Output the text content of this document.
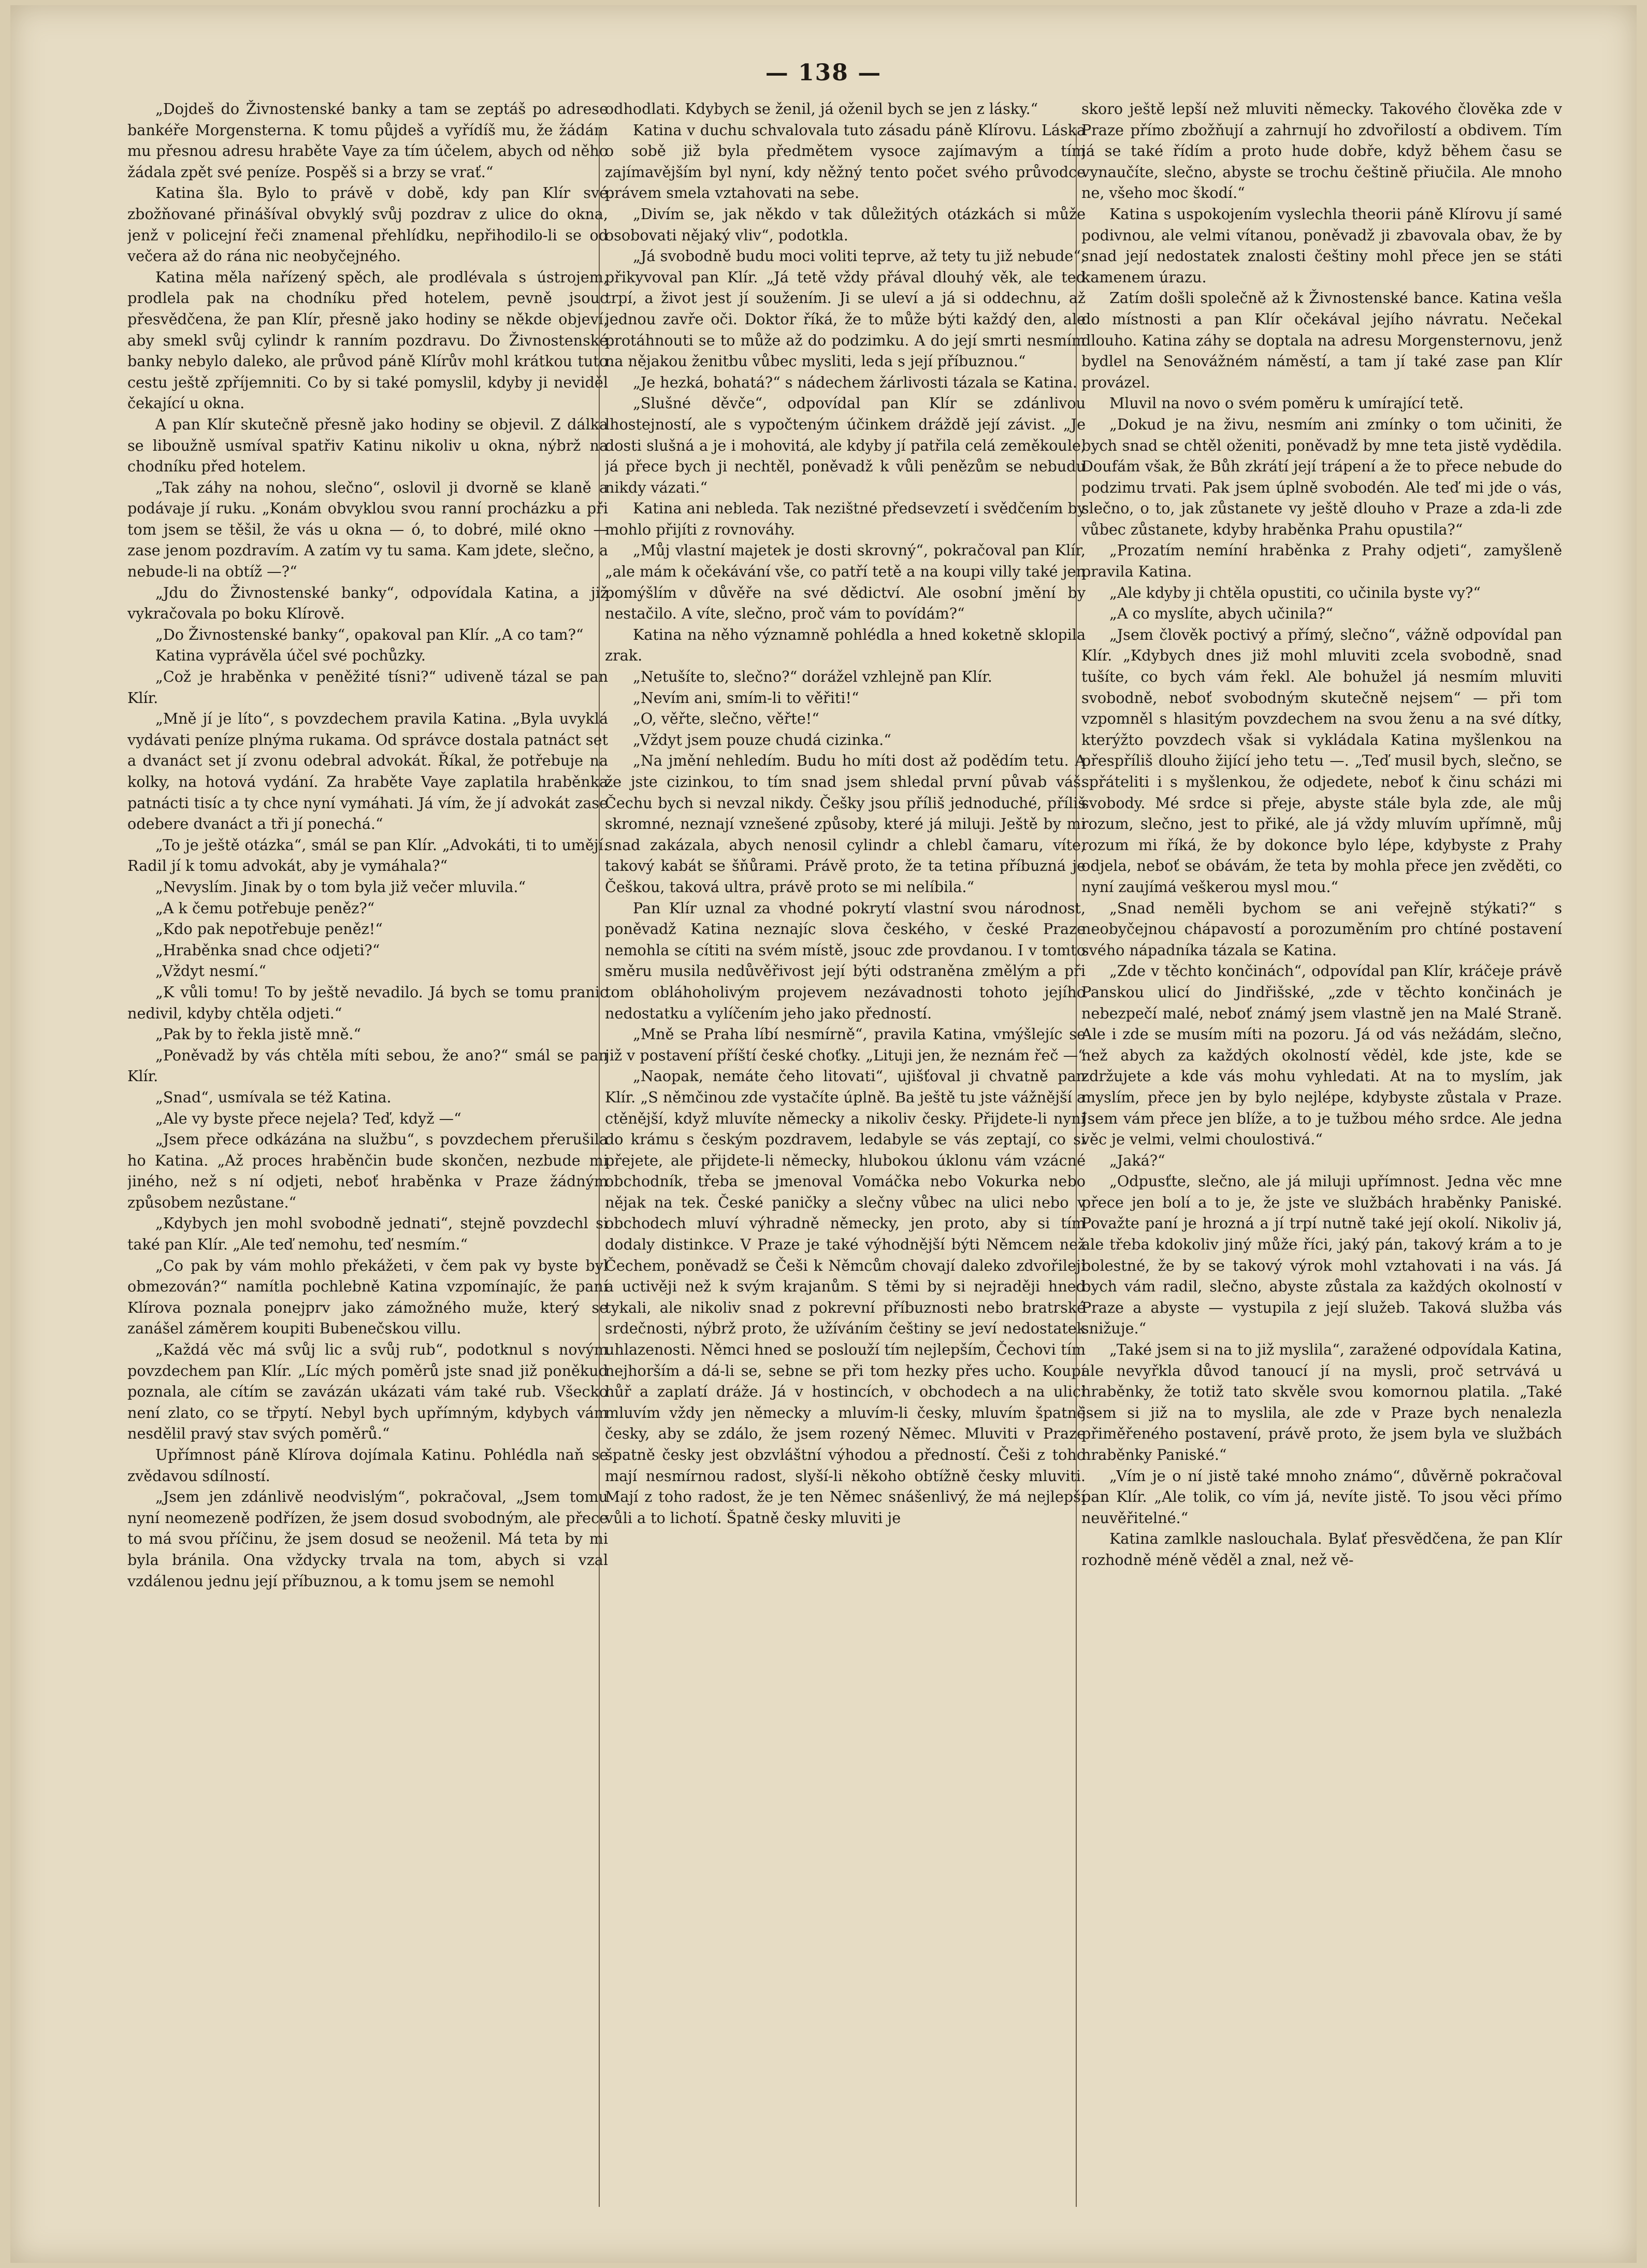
— 138 —

„Dojdeš do Živnostenské banky a tam se zeptáš po adrese bankéře Morgensterna. K tomu půjdeš a vyřídíš mu, že žádám mu přesnou adresu hraběte Vaye za tím účelem, abych od něho žádala zpět své peníze. Pospěš si a brzy se vrať.“

Katina šla. Bylo to právě v době, kdy pan Klír své zbožňované přinášíval obvyklý svůj pozdrav z ulice do okna, jenž v policejní řeči znamenal přehlídku, nepřihodilo-li se od večera až do rána nic neobyčejného.

Katina měla nařízený spěch, ale prodlévala s ústrojem, prodlela pak na chodníku před hotelem, pevně jsouc přesvědčena, že pan Klír, přesně jako hodiny se někde objeví, aby smekl svůj cylindr k ranním pozdravu. Do Živnostenské banky nebylo daleko, ale průvod páně Klírův mohl krátkou tuto cestu ještě zpříjemniti. Co by si také pomyslil, kdyby ji neviděl čekající u okna.

A pan Klír skutečně přesně jako hodiny se objevil. Z dálka se liboužně usmíval spatřiv Katinu nikoliv u okna, nýbrž na chodníku před hotelem.

„Tak záhy na nohou, slečno“, oslovil ji dvorně se klaně a podávaje jí ruku. „Konám obvyklou svou ranní procházku a při tom jsem se těšil, že vás u okna — ó, to dobré, milé okno — zase jenom pozdravím. A zatím vy tu sama. Kam jdete, slečno, a nebude-li na obtíž —?“

„Jdu do Živnostenské banky“, odpovídala Katina, a již vykračovala po boku Klírově.

„Do Živnostenské banky“, opakoval pan Klír. „A co tam?“

Katina vyprávěla účel své pochůzky.

„Což je hraběnka v peněžité tísni?“ udiveně tázal se pan Klír.

„Mně jí je líto“, s povzdechem pravila Katina. „Byla uvyklá vydávati peníze plnýma rukama. Od správce dostala patnáct set a dvanáct set jí zvonu odebral advokát. Říkal, že potřebuje na kolky, na hotová vydání. Za hraběte Vaye zaplatila hraběnka patnácti tisíc a ty chce nyní vymáhati. Já vím, že jí advokát zase odebere dvanáct a tři jí ponechá.“

„To je ještě otázka“, smál se pan Klír. „Advokáti, ti to umějí. Radil jí k tomu advokát, aby je vymáhala?“

„Nevyslím. Jinak by o tom byla již večer mluvila.“

„A k čemu potřebuje peněz?“

„Kdo pak nepotřebuje peněz!“

„Hraběnka snad chce odjeti?“

„Vždyt nesmí.“

„K vůli tomu! To by ještě nevadilo. Já bych se tomu pranic nedivil, kdyby chtěla odjeti.“

„Pak by to řekla jistě mně.“

„Poněvadž by vás chtěla míti sebou, že ano?“ smál se pan Klír.

„Snad“, usmívala se též Katina.

„Ale vy byste přece nejela? Teď, když —“

„Jsem přece odkázána na službu“, s povzdechem přerušila ho Katina. „Až proces hraběnčin bude skončen, nezbude mi jiného, než s ní odjeti, neboť hraběnka v Praze žádným způsobem nezůstane.“

„Kdybych jen mohl svobodně jednati“, stejně povzdechl si také pan Klír. „Ale teď nemohu, teď nesmím.“

„Co pak by vám mohlo překážeti, v čem pak vy byste byl obmezován?“ namítla pochlebně Katina vzpomínajíc, že paní Klírova poznala ponejprv jako zámožného muže, který se zanášel záměrem koupiti Bubenečskou villu.

„Každá věc má svůj lic a svůj rub“, podotknul s novým povzdechem pan Klír. „Líc mých poměrů jste snad již poněkud poznala, ale cítím se zavázán ukázati vám také rub. Všecko není zlato, co se třpytí. Nebyl bych upřímným, kdybych vám nesdělil pravý stav svých poměrů.“

Upřímnost páně Klírova dojímala Katinu. Pohlédla naň se zvědavou sdílností.

„Jsem jen zdánlivě neodvislým“, pokračoval, „Jsem tomu nyní neomezeně podřízen, že jsem dosud svobodným, ale přece to má svou příčinu, že jsem dosud se neoženil. Má teta by mi byla bránila. Ona vždycky trvala na tom, abych si vzal vzdálenou jednu její příbuznou, a k tomu jsem se nemohl

odhodlati. Kdybych se ženil, já oženil bych se jen z lásky.“

Katina v duchu schvalovala tuto zásadu páně Klírovu. Láska o sobě již byla předmětem vysoce zajímavým a tím zajímavějším byl nyní, kdy něžný tento počet svého průvodce právem smela vztahovati na sebe.

„Divím se, jak někdo v tak důležitých otázkách si může osobovati nějaký vliv“, podotkla.

„Já svobodně budu moci voliti teprve, až tety tu již nebude“, přikyvoval pan Klír. „Já tetě vždy přával dlouhý věk, ale teď trpí, a život jest jí soužením. Ji se uleví a já si oddechnu, až jednou zavře oči. Doktor říká, že to může býti každý den, ale protáhnouti se to může až do podzimku. A do její smrti nesmím na nějakou ženitbu vůbec mysliti, leda s její příbuznou.“

„Je hezká, bohatá?“ s nádechem žárlivosti tázala se Katina.

„Slušné děvče“, odpovídal pan Klír se zdánlivou lhostejností, ale s vypočteným účinkem dráždě její závist. „Je dosti slušná a je i mohovitá, ale kdyby jí patřila celá zeměkoule, já přece bych ji nechtěl, poněvadž k vůli penězům se nebudu nikdy vázati.“

Katina ani nebleda. Tak nezištné předsevzetí i svědčením by mohlo přijíti z rovnováhy.

„Můj vlastní majetek je dosti skrovný“, pokračoval pan Klír, „ale mám k očekávání vše, co patří tetě a na koupi villy také jen pomýšlím v důvěře na své dědictví. Ale osobní jmění by nestačilo. A víte, slečno, proč vám to povídám?“

Katina na něho významně pohlédla a hned koketně sklopila zrak.

„Netušíte to, slečno?“ dorážel vzhlejně pan Klír.

„Nevím ani, smím-li to věřiti!“

„O, věřte, slečno, věřte!“

„Vždyt jsem pouze chudá cizinka.“

„Na jmění nehledím. Budu ho míti dost až podědím tetu. A že jste cizinkou, to tím snad jsem shledal první půvab váš. Čechu bych si nevzal nikdy. Češky jsou příliš jednoduché, příliš skromné, neznají vznešené způsoby, které já miluji. Ještě by mi snad zakázala, abych nenosil cylindr a chlebl čamaru, víte, takový kabát se šňůrami. Právě proto, že ta tetina příbuzná je Češkou, taková ultra, právě proto se mi nelíbila.“

Pan Klír uznal za vhodné pokrytí vlastní svou národnost, poněvadž Katina neznajíc slova českého, v české Praze nemohla se cítiti na svém místě, jsouc zde provdanou. I v tomto směru musila nedůvěřivost její býti odstraněna změlým a při tom obláhoholivým projevem nezávadnosti tohoto jejího nedostatku a vylíčením jeho jako předností.

„Mně se Praha líbí nesmírně“, pravila Katina, vmýšlejíc se již v postavení příští české choťky. „Lituji jen, že neznám řeč —“

„Naopak, nemáte čeho litovati“, ujišťoval ji chvatně pan Klír. „S němčinou zde vystačíte úplně. Ba ještě tu jste vážnější a ctěnější, když mluvíte německy a nikoliv česky. Přijdete-li nyní do krámu s českým pozdravem, ledabyle se vás zeptají, co si přejete, ale přijdete-li německy, hlubokou úklonu vám vzácné obchodník, třeba se jmenoval Vomáčka nebo Vokurka nebo nějak na tek. České paničky a slečny vůbec na ulici nebo v obchodech mluví výhradně německy, jen proto, aby si tím dodaly distinkce. V Praze je také výhodnější býti Němcem než Čechem, poněvadž se Češi k Němcům chovají daleko zdvořileji a uctivěji než k svým krajanům. S těmi by si nejraději hned tykali, ale nikoliv snad z pokrevní příbuznosti nebo bratrské srdečnosti, nýbrž proto, že užíváním češtiny se jeví nedostatek uhlazenosti. Němci hned se poslouží tím nejlepším, Čechovi tím nejhorším a dá-li se, sebne se při tom hezky přes ucho. Koupí hůř a zaplatí dráže. Já v hostincích, v obchodech a na ulici mluvím vždy jen německy a mluvím-li česky, mluvím špatně česky, aby se zdálo, že jsem rozený Němec. Mluviti v Praze špatně česky jest obzvláštní výhodou a předností. Češi z toho mají nesmírnou radost, slyší-li někoho obtížně česky mluviti. Mají z toho radost, že je ten Němec snášenlivý, že má nejlepší vůli a to lichotí. Špatně česky mluviti je

skoro ještě lepší než mluviti německy. Takového člověka zde v Praze přímo zbožňují a zahrnují ho zdvořilostí a obdivem. Tím já se také řídím a proto hude dobře, když během času se vynaučíte, slečno, abyste se trochu češtině přiučila. Ale mnoho ne, všeho moc škodí.“

Katina s uspokojením vyslechla theorii páně Klírovu jí samé podivnou, ale velmi vítanou, poněvadž ji zbavovala obav, že by snad její nedostatek znalosti češtiny mohl přece jen se státi kamenem úrazu.

Zatím došli společně až k Živnostenské bance. Katina vešla do místnosti a pan Klír očekával jejího návratu. Nečekal dlouho. Katina záhy se doptala na adresu Morgensternovu, jenž bydlel na Senovážném náměstí, a tam jí také zase pan Klír provázel.

Mluvil na novo o svém poměru k umírající tetě.

„Dokud je na živu, nesmím ani zmínky o tom učiniti, že bych snad se chtěl oženiti, poněvadž by mne teta jistě vydědila. Doufám však, že Bůh zkrátí její trápení a že to přece nebude do podzimu trvati. Pak jsem úplně svobodén. Ale teď mi jde o vás, slečno, o to, jak zůstanete vy ještě dlouho v Praze a zda-li zde vůbec zůstanete, kdyby hraběnka Prahu opustila?“

„Prozatím nemíní hraběnka z Prahy odjeti“, zamyšleně pravila Katina.

„Ale kdyby ji chtěla opustiti, co učinila byste vy?“

„A co myslíte, abych učinila?“

„Jsem člověk poctivý a přímý, slečno“, vážně odpovídal pan Klír. „Kdybych dnes již mohl mluviti zcela svobodně, snad tušíte, co bych vám řekl. Ale bohužel já nesmím mluviti svobodně, neboť svobodným skutečně nejsem“ — při tom vzpomněl s hlasitým povzdechem na svou ženu a na své dítky, kterýžto povzdech však si vykládala Katina myšlenkou na přespříliš dlouho žijící jeho tetu —. „Teď musil bych, slečno, se spřáteliti i s myšlenkou, že odjedete, neboť k činu scházi mi svobody. Mé srdce si přeje, abyste stále byla zde, ale můj rozum, slečno, jest to přiké, ale já vždy mluvím upřímně, můj rozum mi říká, že by dokonce bylo lépe, kdybyste z Prahy odjela, neboť se obávám, že teta by mohla přece jen zvěděti, co nyní zaujímá veškerou mysl mou.“

„Snad neměli bychom se ani veřejně stýkati?“ s neobyčejnou chápavostí a porozuměním pro chtíné postavení svého nápadníka tázala se Katina.

„Zde v těchto končinách“, odpovídal pan Klír, kráčeje právě Panskou ulicí do Jindřišské, „zde v těchto končinách je nebezpečí malé, neboť známý jsem vlastně jen na Malé Straně. Ale i zde se musím míti na pozoru. Já od vás nežádám, slečno, než abych za každých okolností vědėl, kde jste, kde se zdržujete a kde vás mohu vyhledati. At na to myslím, jak myslím, přece jen by bylo nejlépe, kdybyste zůstala v Praze. Jsem vám přece jen blíže, a to je tužbou mého srdce. Ale jedna věc je velmi, velmi choulostivá.“

„Jaká?“

„Odpusťte, slečno, ale já miluji upřímnost. Jedna věc mne přece jen bolí a to je, že jste ve službách hraběnky Paniské. Považte paní je hrozná a jí trpí nutně také její okolí. Nikoliv já, ale třeba kdokoliv jiný může říci, jaký pán, takový krám a to je bolestné, že by se takový výrok mohl vztahovati i na vás. Já bych vám radil, slečno, abyste zůstala za každých okolností v Praze a abyste — vystupila z její služeb. Taková služba vás snižuje.“

„Také jsem si na to již myslila“, zaražené odpovídala Katina, ale nevyřkla důvod tanoucí jí na mysli, proč setrvává u hraběnky, že totiž tato skvěle svou komornou platila. „Také jsem si již na to myslila, ale zde v Praze bych nenalezla přiměřeného postavení, právě proto, že jsem byla ve službách hraběnky Paniské.“

„Vím je o ní jistě také mnoho známo“, důvěrně pokračoval pan Klír. „Ale tolik, co vím já, nevíte jistě. To jsou věci přímo neuvěřitelné.“

Katina zamlkle naslouchala. Bylať přesvědčena, že pan Klír rozhodně méně věděl a znal, než vě-
